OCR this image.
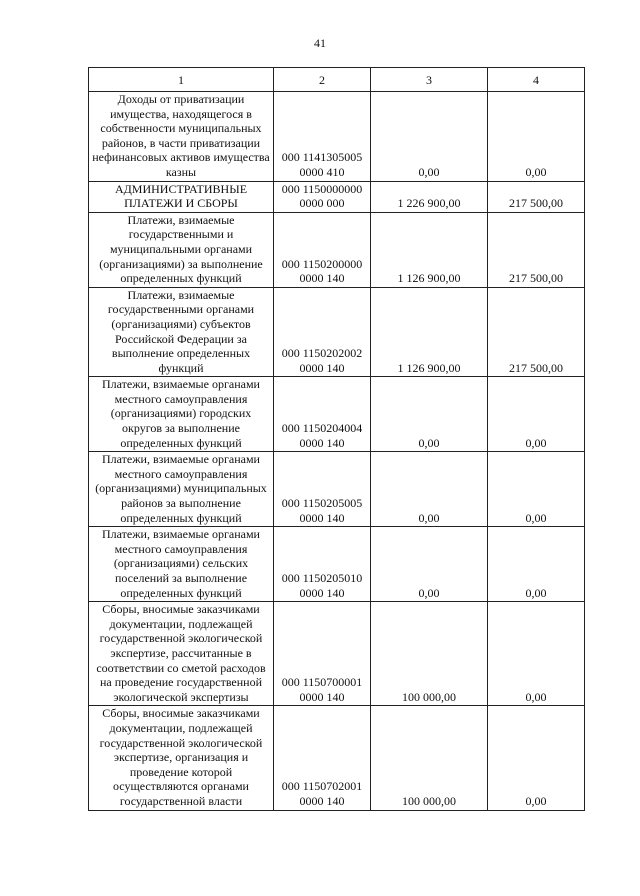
41
1	2	3	4
Доходы от приватизации имущества, находящегося в собственности муниципальных районов, в части приватизации нефинансовых активов имущества казны	000 1141305005 0000 410	0,00	0,00
АДМИНИСТРАТИВНЫЕ ПЛАТЕЖИ И СБОРЫ	000 1150000000 0000 000	1 226 900,00	217 500,00
Платежи, взимаемые государственными и муниципальными органами (организациями) за выполнение определенных функций	000 1150200000 0000 140	1 126 900,00	217 500,00
Платежи, взимаемые государственными органами (организациями) субъектов Российской Федерации за выполнение определенных функций	000 1150202002 0000 140	1 126 900,00	217 500,00
Платежи, взимаемые органами местного самоуправления (организациями) городских округов за выполнение определенных функций	000 1150204004 0000 140	0,00	0,00
Платежи, взимаемые органами местного самоуправления (организациями) муниципальных районов за выполнение определенных функций	000 1150205005 0000 140	0,00	0,00
Платежи, взимаемые органами местного самоуправления (организациями) сельских поселений за выполнение определенных функций	000 1150205010 0000 140	0,00	0,00
Сборы, вносимые заказчиками документации, подлежащей государственной экологической экспертизе, рассчитанные в соответствии со сметой расходов на проведение государственной экологической экспертизы	000 1150700001 0000 140	100 000,00	0,00
Сборы, вносимые заказчиками документации, подлежащей государственной экологической экспертизе, организация и проведение которой осуществляются органами государственной власти	000 1150702001 0000 140	100 000,00	0,00
